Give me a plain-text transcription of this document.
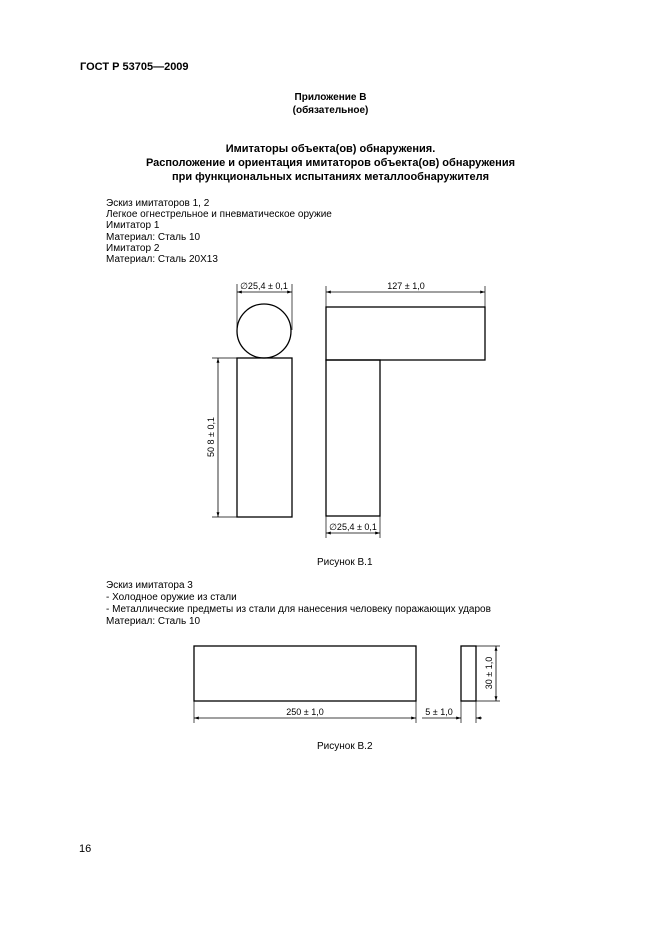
ГОСТ Р 53705—2009
Приложение В
(обязательное)
Имитаторы объекта(ов) обнаружения.
Расположение и ориентация имитаторов объекта(ов) обнаружения
при функциональных испытаниях металлообнаружителя
Эскиз имитаторов 1, 2
Легкое огнестрельное и пневматическое оружие
Имитатор 1
Материал: Сталь 10
Имитатор 2
Материал: Сталь 20Х13
∅25,4 ± 0,1
50 8 ± 0,1
127 ± 1,0
∅25,4 ± 0,1
250 ± 1,0	5 ± 1,0
30 ± 1,0
Рисунок В.1
Эскиз имитатора 3
- Холодное оружие из стали
- Металлические предметы из стали для нанесения человеку поражающих ударов
Материал: Сталь 10
Рисунок В.2
16
